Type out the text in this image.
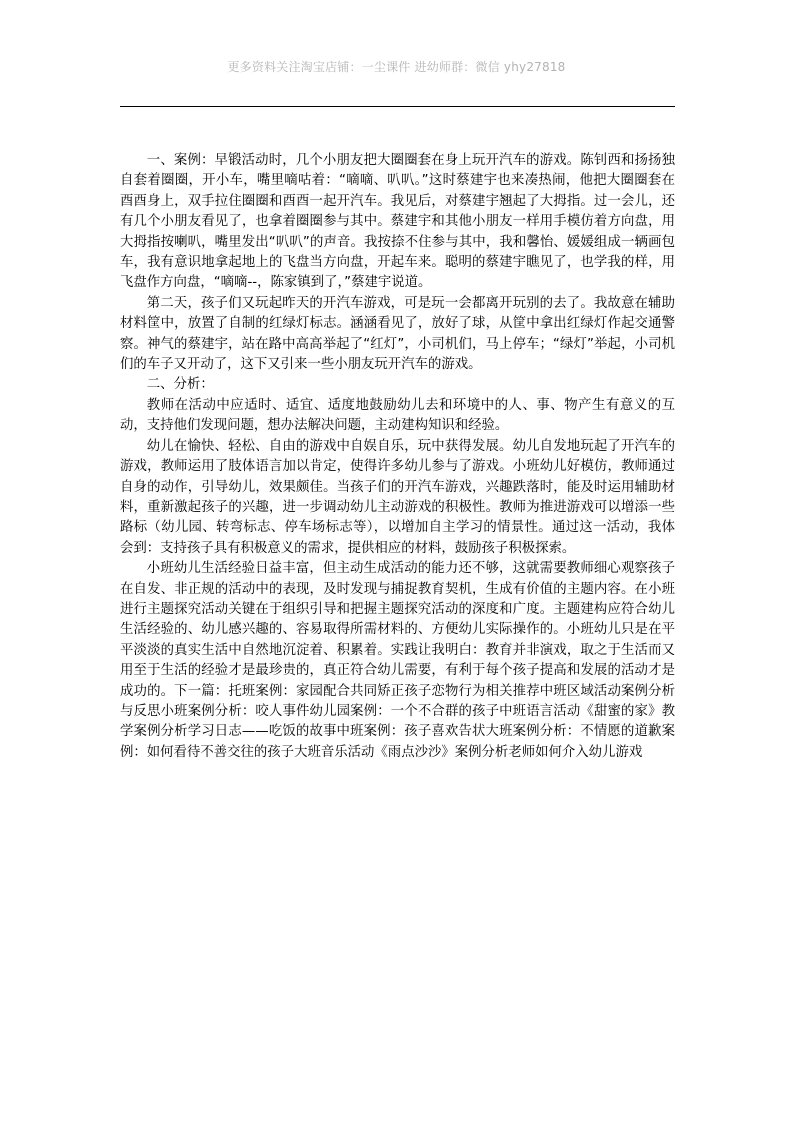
更多资料关注淘宝店铺：一尘课件 进幼师群：微信 yhy27818

一、案例：早锻活动时，几个小朋友把大圈圈套在身上玩开汽车的游戏。陈钊西和扬扬独自套着圈圈，开小车，嘴里嘀咕着：“嘀嘀、叭叭。”这时蔡建宇也来凑热闹，他把大圈圈套在酉酉身上，双手拉住圈圈和酉酉一起开汽车。我见后，对蔡建宇翘起了大拇指。过一会儿，还有几个小朋友看见了，也拿着圈圈参与其中。蔡建宇和其他小朋友一样用手模仿着方向盘，用大拇指按喇叭，嘴里发出“叭叭”的声音。我按捺不住参与其中，我和馨怡、媛媛组成一辆画包车，我有意识地拿起地上的飞盘当方向盘，开起车来。聪明的蔡建宇瞧见了，也学我的样，用飞盘作方向盘，“嘀嘀--，陈家镇到了，”蔡建宇说道。

第二天，孩子们又玩起昨天的开汽车游戏，可是玩一会都离开玩别的去了。我故意在辅助材料筐中，放置了自制的红绿灯标志。涵涵看见了，放好了球，从筐中拿出红绿灯作起交通警察。神气的蔡建宇，站在路中高高举起了“红灯”，小司机们，马上停车；“绿灯”举起，小司机们的车子又开动了，这下又引来一些小朋友玩开汽车的游戏。

二、分析：

教师在活动中应适时、适宜、适度地鼓励幼儿去和环境中的人、事、物产生有意义的互动，支持他们发现问题，想办法解决问题，主动建构知识和经验。

幼儿在愉快、轻松、自由的游戏中自娱自乐，玩中获得发展。幼儿自发地玩起了开汽车的游戏，教师运用了肢体语言加以肯定，使得许多幼儿参与了游戏。小班幼儿好模仿，教师通过自身的动作，引导幼儿，效果颇佳。当孩子们的开汽车游戏，兴趣跌落时，能及时运用辅助材料，重新激起孩子的兴趣，进一步调动幼儿主动游戏的积极性。教师为推进游戏可以增添一些路标（幼儿园、转弯标志、停车场标志等），以增加自主学习的情景性。通过这一活动，我体会到：支持孩子具有积极意义的需求，提供相应的材料，鼓励孩子积极探索。

小班幼儿生活经验日益丰富，但主动生成活动的能力还不够，这就需要教师细心观察孩子在自发、非正规的活动中的表现，及时发现与捕捉教育契机，生成有价值的主题内容。在小班进行主题探究活动关键在于组织引导和把握主题探究活动的深度和广度。主题建构应符合幼儿生活经验的、幼儿感兴趣的、容易取得所需材料的、方便幼儿实际操作的。小班幼儿只是在平平淡淡的真实生活中自然地沉淀着、积累着。实践让我明白：教育并非演戏，取之于生活而又用至于生活的经验才是最珍贵的，真正符合幼儿需要，有利于每个孩子提高和发展的活动才是成功的。下一篇：托班案例：家园配合共同矫正孩子恋物行为相关推荐中班区域活动案例分析与反思小班案例分析：咬人事件幼儿园案例：一个不合群的孩子中班语言活动《甜蜜的家》教学案例分析学习日志——吃饭的故事中班案例：孩子喜欢告状大班案例分析：不情愿的道歉案例：如何看待不善交往的孩子大班音乐活动《雨点沙沙》案例分析老师如何介入幼儿游戏
